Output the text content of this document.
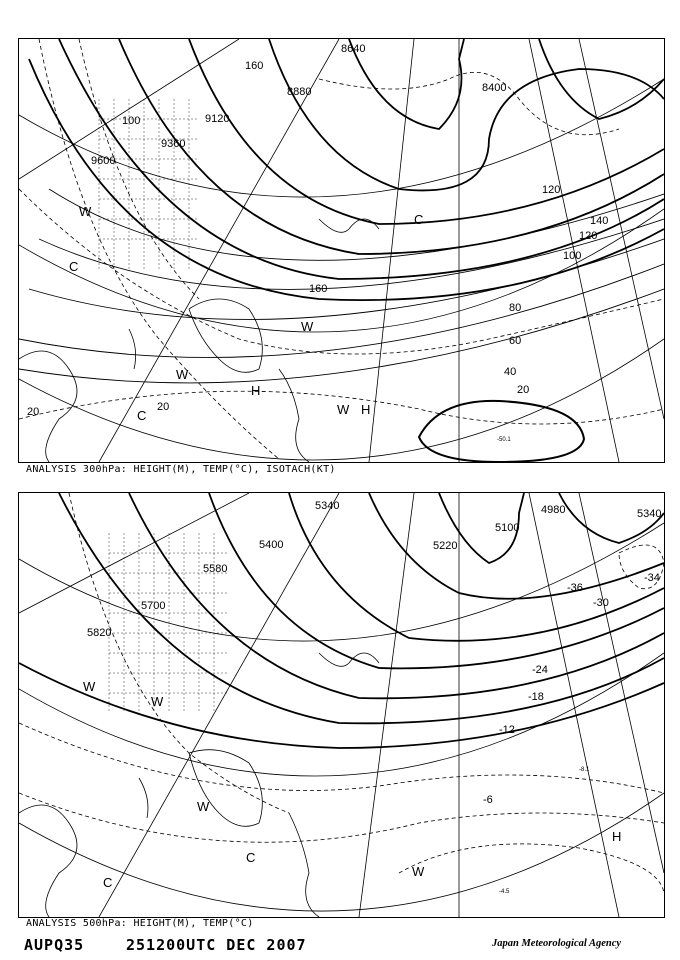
8640
8880	8400
9120
9360
9600
160
140
120
100
80
60
40
20
20
20
120
100
160
W
C
H
W H
C
W
C
W
-50.1
ANALYSIS 300hPa: HEIGHT(M), TEMP(°C), ISOTACH(KT)
5340
5100
4980	5340
5400
5580
5700
5220
5820
-36
-30
-34
-24
-18
-12
-6
W
W
H
W
C
C
W
-4.5
-8.1
ANALYSIS 500hPa: HEIGHT(M), TEMP(°C)
AUPQ35	251200UTC DEC 2007	Japan Meteorological Agency
